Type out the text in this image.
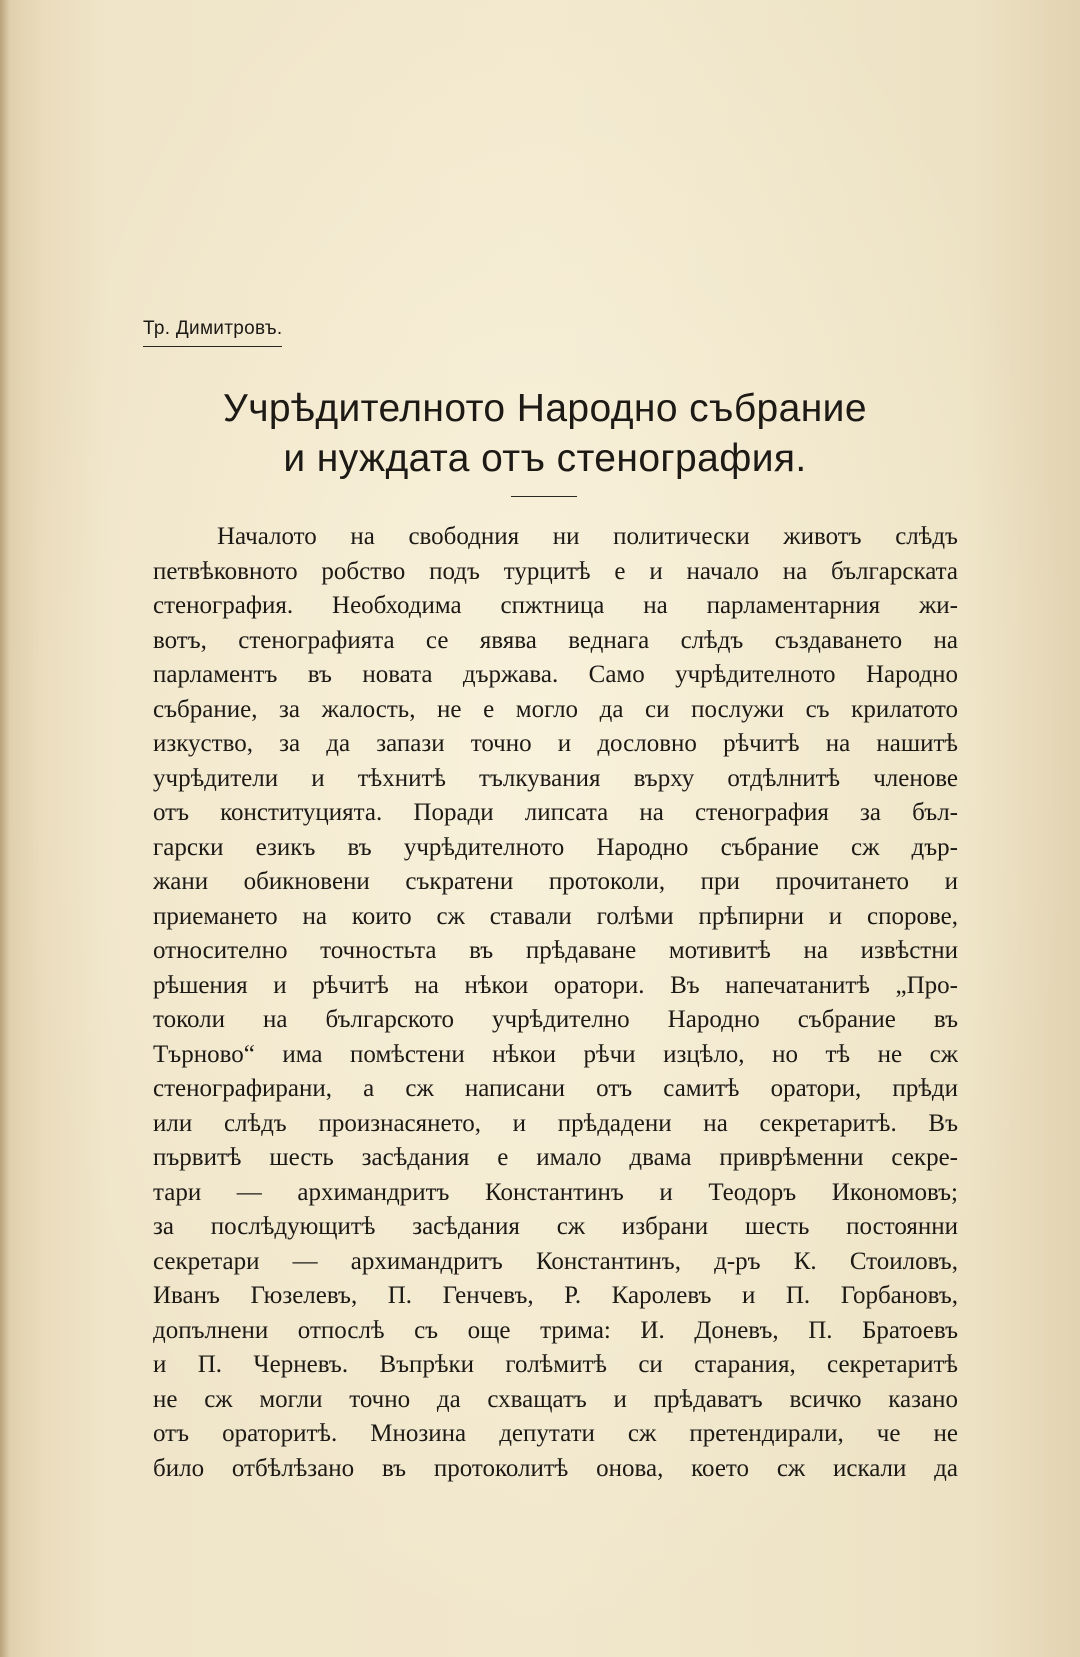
Тр. Димитровъ.
Учрѣдителното Народно събрание
и нуждата отъ стенография.
Началото на свободния ни политически животъ слѣдъ
петвѣковното робство подъ турцитѣ е и начало на българската
стенография. Необходима спжтница на парламентарния жи-
вотъ, стенографията се явява веднага слѣдъ създаването на
парламентъ въ новата държава. Само учрѣдителното Народно
събрание, за жалость, не е могло да си послужи съ крилатото
изкуство, за да запази точно и дословно рѣчитѣ на нашитѣ
учрѣдители и тѣхнитѣ тълкувания върху отдѣлнитѣ членове
отъ конституцията. Поради липсата на стенография за бъл-
гарски езикъ въ учрѣдителното Народно събрание сж дър-
жани обикновени съкратени протоколи, при прочитането и
приемането на които сж ставали голѣми прѣпирни и спорове,
относително точностьта въ прѣдаване мотивитѣ на извѣстни
рѣшения и рѣчитѣ на нѣкои оратори. Въ напечатанитѣ „Про-
токоли на българското учрѣдително Народно събрание въ
Търново“ има помѣстени нѣкои рѣчи изцѣло, но тѣ не сж
стенографирани, а сж написани отъ самитѣ оратори, прѣди
или слѣдъ произнасянето, и прѣдадени на секретаритѣ. Въ
първитѣ шесть засѣдания е имало двама приврѣменни секре-
тари — архимандритъ Константинъ и Теодоръ Икономовъ;
за послѣдующитѣ засѣдания сж избрани шесть постоянни
секретари — архимандритъ Константинъ, д-ръ К. Стоиловъ,
Иванъ Гюзелевъ, П. Генчевъ, Р. Каролевъ и П. Горбановъ,
допълнени отпослѣ съ още трима: И. Доневъ, П. Братоевъ
и П. Черневъ. Въпрѣки голѣмитѣ си старания, секретаритѣ
не сж могли точно да схващатъ и прѣдаватъ всичко казано
отъ ораторитѣ. Мнозина депутати сж претендирали, че не
било отбѣлѣзано въ протоколитѣ онова, което сж искали да
